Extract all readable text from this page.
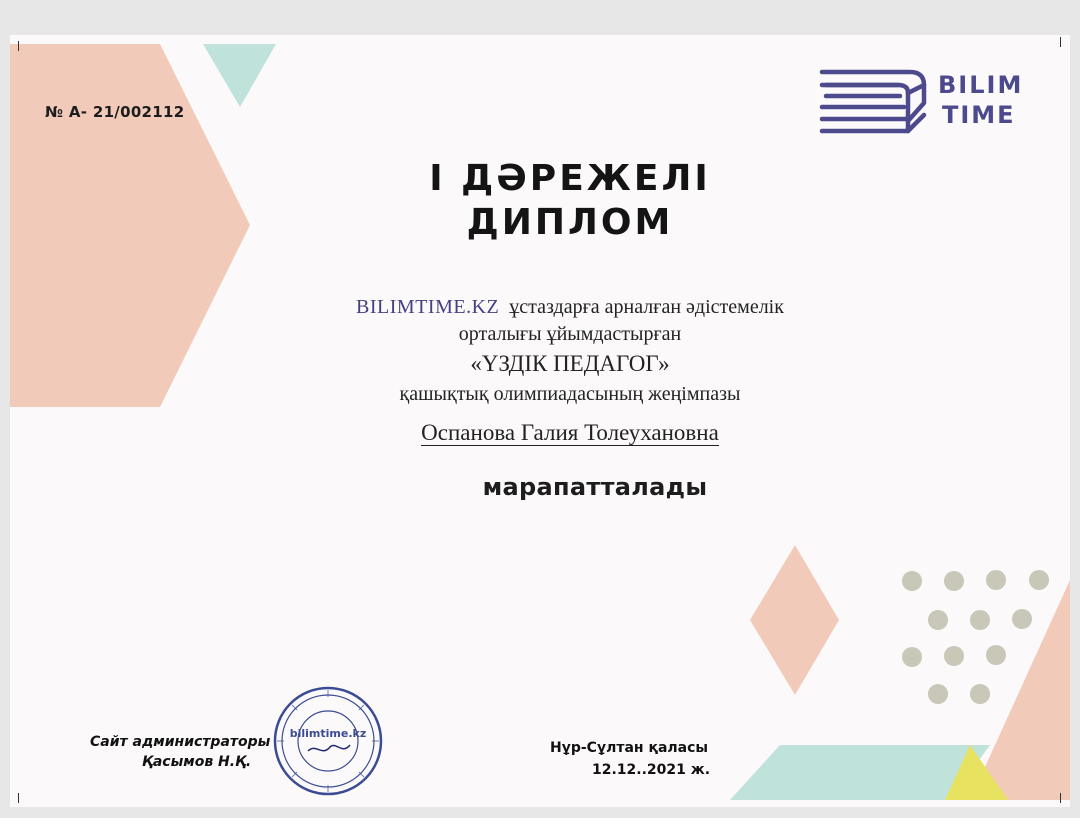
№ A- 21/002112
BILIM
TIME
I ДӘРЕЖЕЛІ
ДИПЛОМ
BILIMTIME.KZ ұстаздарға арналған әдістемелік
орталығы ұйымдастырған
«ҮЗДІК ПЕДАГОГ»
қашықтық олимпиадасының жеңімпазы
Оспанова Галия Толеухановна
марапатталады
bilimtime.kz
Сайт администраторы
Қасымов Н.Қ.
Нұр-Сұлтан қаласы
12.12..2021 ж.
